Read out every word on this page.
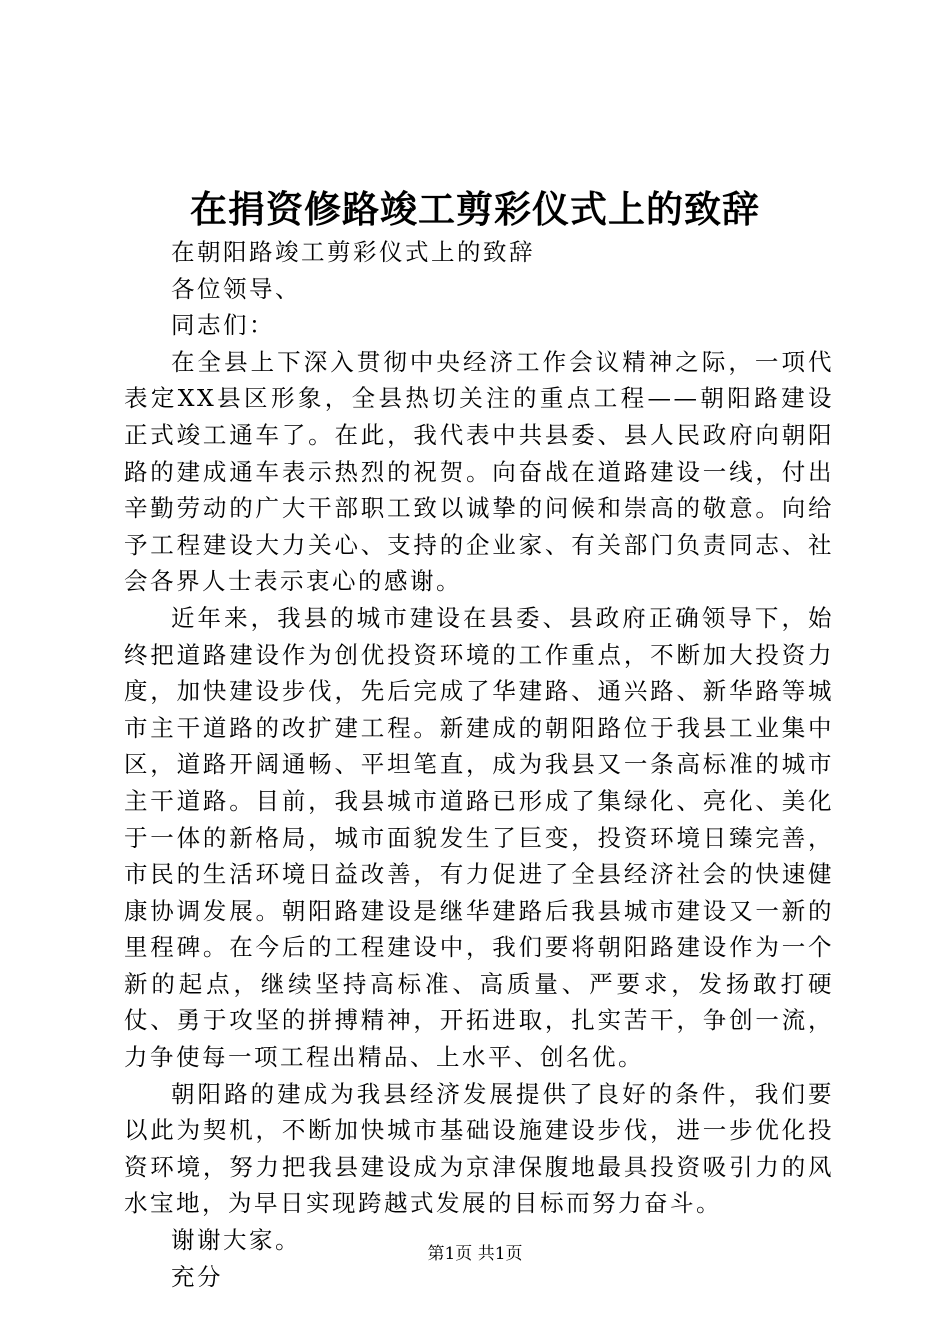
在捐资修路竣工剪彩仪式上的致辞

在朝阳路竣工剪彩仪式上的致辞

各位领导、

同志们：

在全县上下深入贯彻中央经济工作会议精神之际，一项代表定XX县区形象，全县热切关注的重点工程——朝阳路建设正式竣工通车了。在此，我代表中共县委、县人民政府向朝阳路的建成通车表示热烈的祝贺。向奋战在道路建设一线，付出辛勤劳动的广大干部职工致以诚挚的问候和崇高的敬意。向给予工程建设大力关心、支持的企业家、有关部门负责同志、社会各界人士表示衷心的感谢。

近年来，我县的城市建设在县委、县政府正确领导下，始终把道路建设作为创优投资环境的工作重点，不断加大投资力度，加快建设步伐，先后完成了华建路、通兴路、新华路等城市主干道路的改扩建工程。新建成的朝阳路位于我县工业集中区，道路开阔通畅、平坦笔直，成为我县又一条高标准的城市主干道路。目前，我县城市道路已形成了集绿化、亮化、美化于一体的新格局，城市面貌发生了巨变，投资环境日臻完善，市民的生活环境日益改善，有力促进了全县经济社会的快速健康协调发展。朝阳路建设是继华建路后我县城市建设又一新的里程碑。在今后的工程建设中，我们要将朝阳路建设作为一个新的起点，继续坚持高标准、高质量、严要求，发扬敢打硬仗、勇于攻坚的拼搏精神，开拓进取，扎实苦干，争创一流，力争使每一项工程出精品、上水平、创名优。

朝阳路的建成为我县经济发展提供了良好的条件，我们要以此为契机，不断加快城市基础设施建设步伐，进一步优化投资环境，努力把我县建设成为京津保腹地最具投资吸引力的风水宝地，为早日实现跨越式发展的目标而努力奋斗。

谢谢大家。

充分

第1页 共1页
